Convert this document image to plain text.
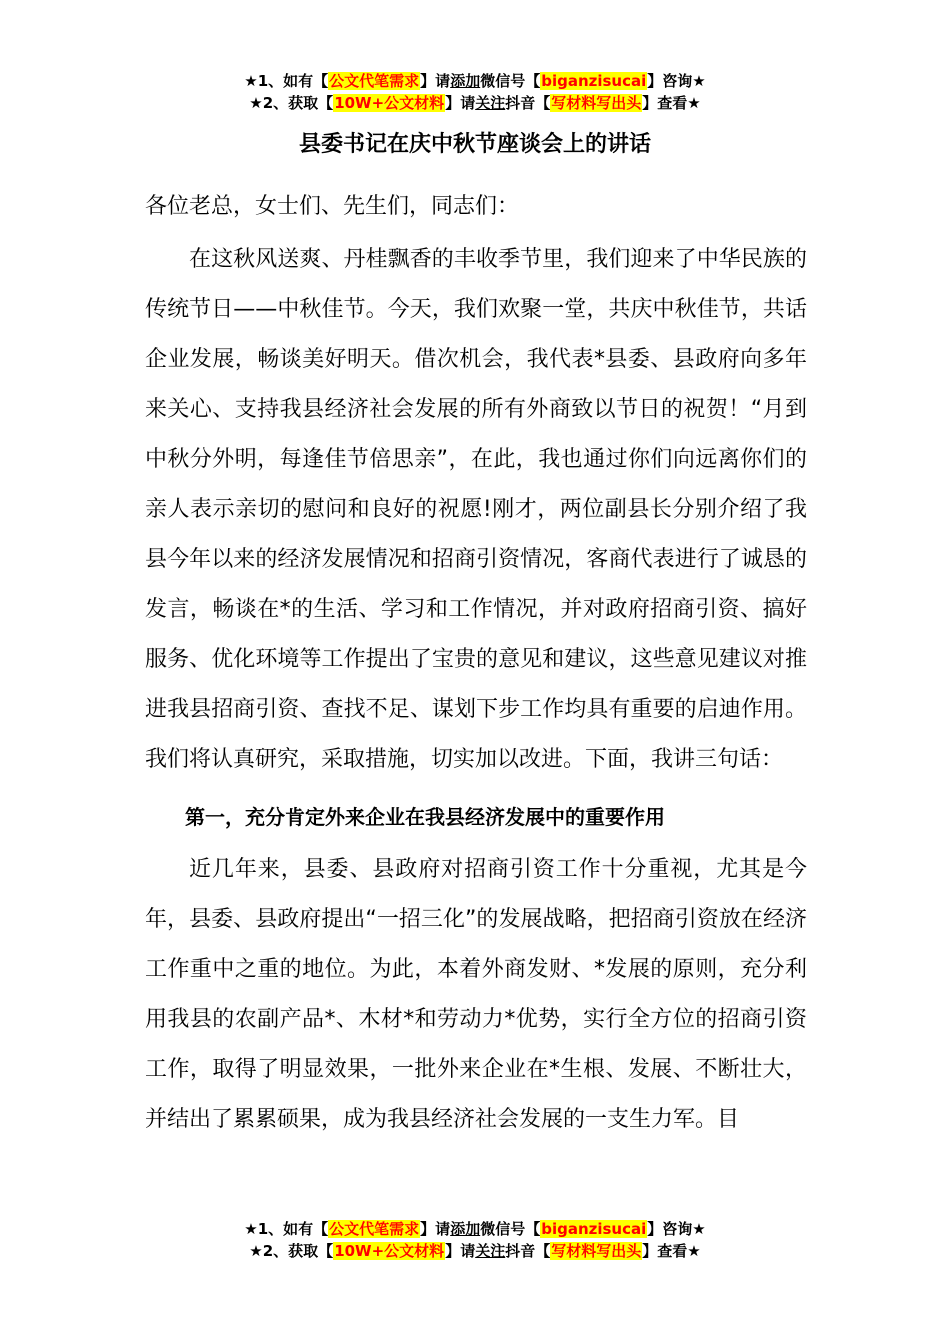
★1、如有【公文代笔需求】请添加微信号【biganzisucai】咨询★
★2、获取【10W+公文材料】请关注抖音【写材料写出头】查看★
县委书记在庆中秋节座谈会上的讲话

各位老总，女士们、先生们，同志们：

在这秋风送爽、丹桂飘香的丰收季节里，我们迎来了中华民族的传统节日——中秋佳节。今天，我们欢聚一堂，共庆中秋佳节，共话企业发展，畅谈美好明天。借次机会，我代表*县委、县政府向多年来关心、支持我县经济社会发展的所有外商致以节日的祝贺！“月到中秋分外明，每逢佳节倍思亲”，在此，我也通过你们向远离你们的亲人表示亲切的慰问和良好的祝愿!刚才，两位副县长分别介绍了我县今年以来的经济发展情况和招商引资情况，客商代表进行了诚恳的发言，畅谈在*的生活、学习和工作情况，并对政府招商引资、搞好服务、优化环境等工作提出了宝贵的意见和建议，这些意见建议对推进我县招商引资、查找不足、谋划下步工作均具有重要的启迪作用。我们将认真研究，采取措施，切实加以改进。下面，我讲三句话：

第一，充分肯定外来企业在我县经济发展中的重要作用

近几年来，县委、县政府对招商引资工作十分重视，尤其是今年，县委、县政府提出“一招三化”的发展战略，把招商引资放在经济工作重中之重的地位。为此，本着外商发财、*发展的原则，充分利用我县的农副产品*、木材*和劳动力*优势，实行全方位的招商引资工作，取得了明显效果，一批外来企业在*生根、发展、不断壮大，并结出了累累硕果，成为我县经济社会发展的一支生力军。目

★1、如有【公文代笔需求】请添加微信号【biganzisucai】咨询★
★2、获取【10W+公文材料】请关注抖音【写材料写出头】查看★
